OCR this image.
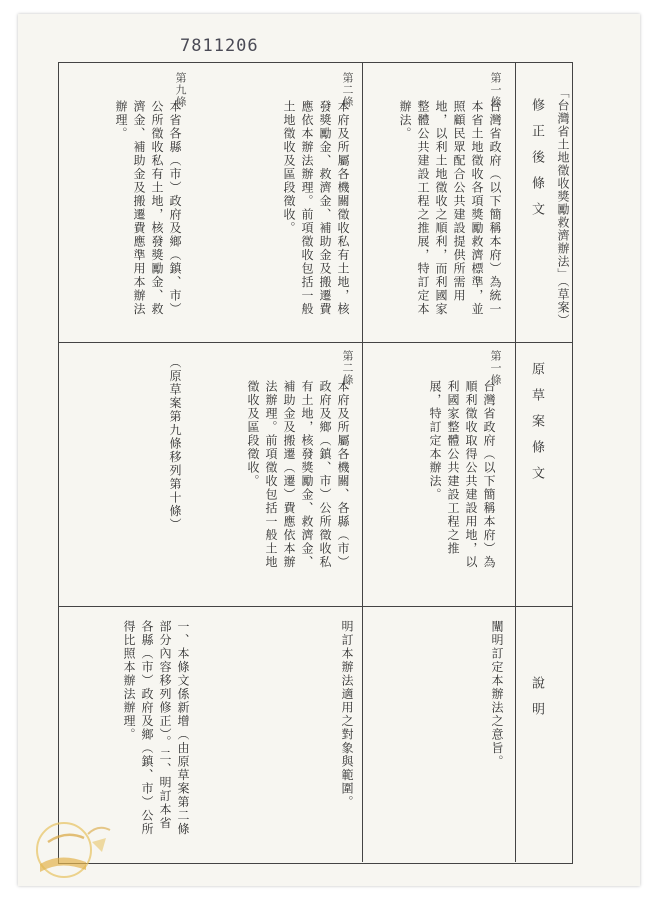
7811206
「台灣省土地徵收獎勵救濟辦法」（草案）
修正後條文
原草案條文
說明
第一條
台灣省政府（以下簡稱本府）為統一本省土地徵收各項獎勵救濟標準，並照顧民眾配合公共建設提供所需用地，以利土地徵收之順利，而利國家整體公共建設工程之推展，特訂定本辦法。
第二條
本府及所屬各機關徵收私有土地，核發獎勵金、救濟金、補助金及搬遷費應依本辦法辦理。前項徵收包括一般土地徵收及區段徵收。
第九條
本省各縣（市）政府及鄉（鎮、市）公所徵收私有土地，核發獎勵金、救濟金、補助金及搬遷費應準用本辦法辦理。
第一條
台灣省政府（以下簡稱本府）為順利徵收取得公共建設用地，以利國家整體公共建設工程之推展，特訂定本辦法。
第二條
本府及所屬各機關、各縣（市）政府及鄉（鎮、市）公所徵收私有土地，核發獎勵金、救濟金、補助金及搬遷（遷）費應依本辦法辦理。前項徵收包括一般土地徵收及區段徵收。
（原草案第九條移列第十條）
闡明訂定本辦法之意旨。
明訂本辦法適用之對象與範圍。
一、本條文係新增（由原草案第二條部分內容移列修正）。二、明訂本省各縣（市）政府及鄉（鎮、市）公所得比照本辦法辦理。
